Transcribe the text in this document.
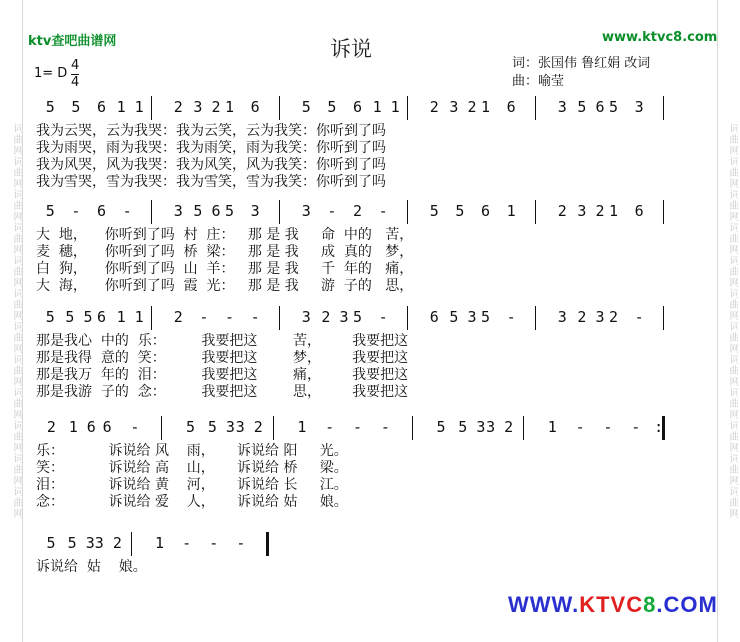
词曲网词曲网词曲网词曲网词曲网词曲网词曲网词曲网词曲网词曲网词曲网词曲网	词曲网词曲网词曲网词曲网词曲网词曲网词曲网词曲网词曲网词曲网词曲网词曲网
ktv查吧曲谱网	www.ktvc8.com
诉说
词：张国伟 鲁红娟 改词
曲：喻莹
1= D
4
4
5 5 6 1 1 2 3 2 1 6	5 5 6 1 1 2 3 2 1 6	3 5 6 5 3
我为云哭，云为我哭：我为云笑，云为我笑：你听到了吗
我为雨哭，雨为我哭：我为雨笑，雨为我笑：你听到了吗
我为风哭，风为我哭：我为风笑，风为我笑：你听到了吗
我为雪哭，雪为我哭：我为雪笑，雪为我笑：你听到了吗
5 - 6 -	3 5 6 5 3	3 - 2 -	5 5 6 1	2 3 2 1 6
大  地，    你听到了吗  村  庄：   那 是 我     命  中的   苦，
麦  穗，    你听到了吗  桥  梁：   那 是 我     成  真的   梦，
白  狗，    你听到了吗  山  羊：   那 是 我     千  年的   痛，
大  海，    你听到了吗  霞  光：   那 是 我     游  子的   思，
5 5 5 6 1 1 2 - - -	3 2 3 5 -	6 5 3 5 -	3 2 3 2 -
那是我心  中的  乐：        我要把这        苦，       我要把这
那是我得  意的  笑：        我要把这        梦，       我要把这
那是我万  年的  泪：        我要把这        痛，       我要把这
那是我游  子的  念：        我要把这        思，       我要把这
2 1 6 6 -	5 5 3 3 2 1 - - -	5 5 3 3 2 1 - - - :
乐：          诉说给 风    雨，     诉说给 阳     光。
笑：          诉说给 高    山，     诉说给 桥     梁。
泪：          诉说给 黄    河，     诉说给 长     江。
念：          诉说给 爱    人，     诉说给 姑     娘。
5 5 3 3 2 1 - - -
诉说给  姑    娘。
WWW.KTVC8.COM
